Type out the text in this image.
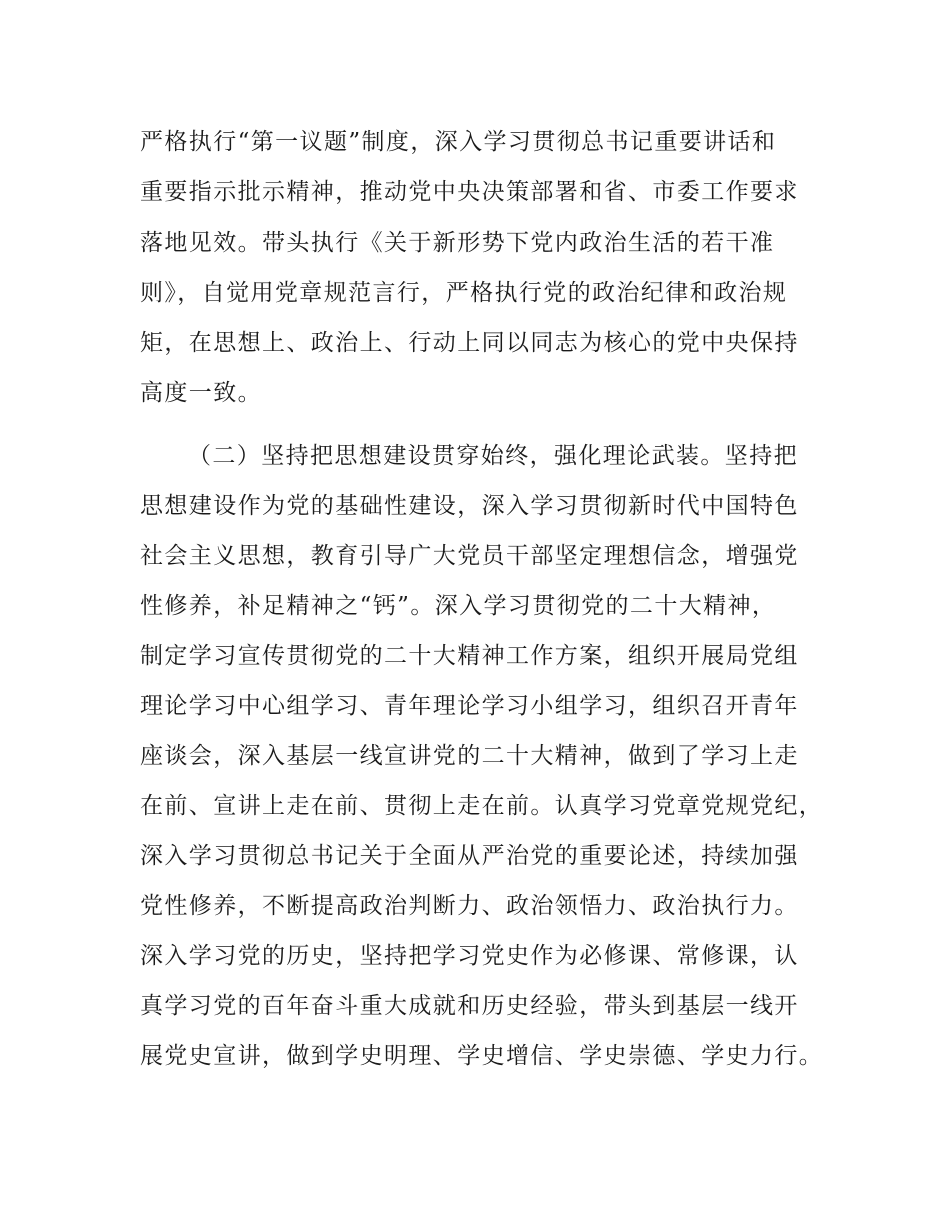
严格执行“第一议题”制度，深入学习贯彻总书记重要讲话和
重要指示批示精神，推动党中央决策部署和省、市委工作要求
落地见效。带头执行《关于新形势下党内政治生活的若干准
则》，自觉用党章规范言行，严格执行党的政治纪律和政治规
矩，在思想上、政治上、行动上同以同志为核心的党中央保持
高度一致。
（二）坚持把思想建设贯穿始终，强化理论武装。坚持把
思想建设作为党的基础性建设，深入学习贯彻新时代中国特色
社会主义思想，教育引导广大党员干部坚定理想信念，增强党
性修养，补足精神之“钙”。深入学习贯彻党的二十大精神，
制定学习宣传贯彻党的二十大精神工作方案，组织开展局党组
理论学习中心组学习、青年理论学习小组学习，组织召开青年
座谈会，深入基层一线宣讲党的二十大精神，做到了学习上走
在前、宣讲上走在前、贯彻上走在前。认真学习党章党规党纪，
深入学习贯彻总书记关于全面从严治党的重要论述，持续加强
党性修养，不断提高政治判断力、政治领悟力、政治执行力。
深入学习党的历史，坚持把学习党史作为必修课、常修课，认
真学习党的百年奋斗重大成就和历史经验，带头到基层一线开
展党史宣讲，做到学史明理、学史增信、学史崇德、学史力行。
